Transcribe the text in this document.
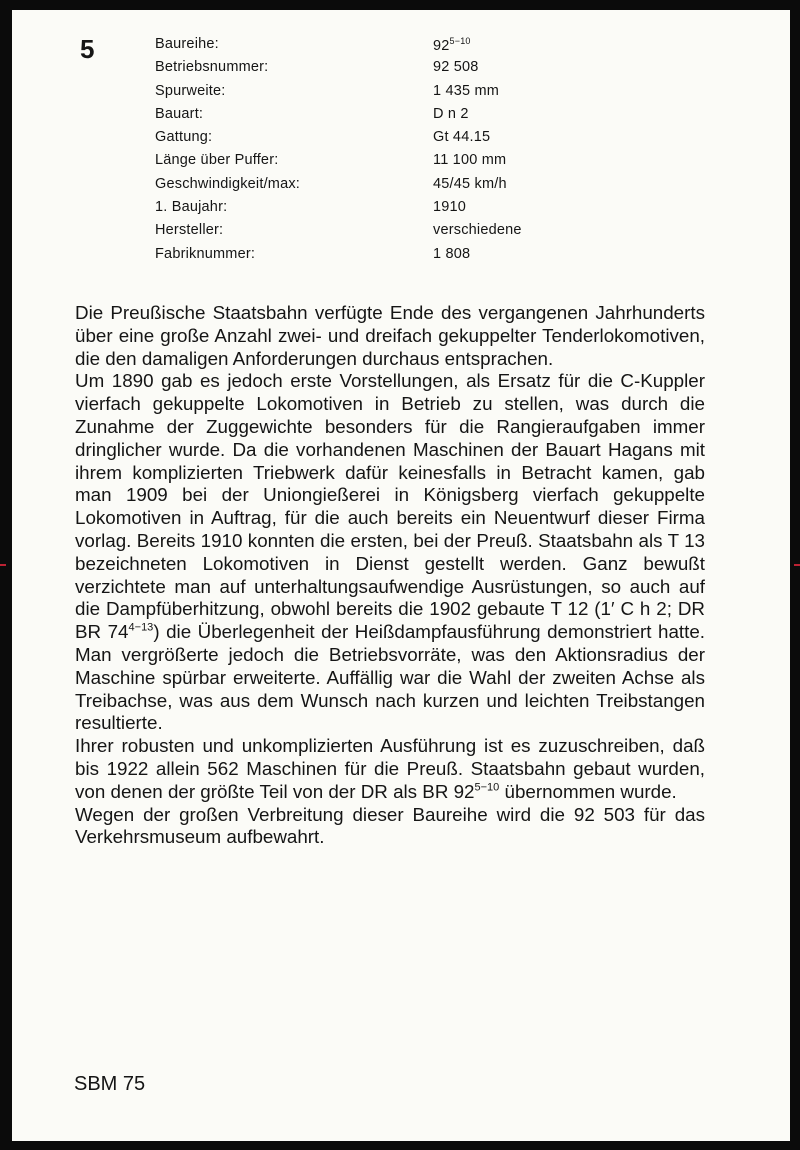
5	Baureihe:	$92^{5-10}$
Betriebsnummer:	92 508
Spurweite:	1 435 mm
Bauart:	D n 2
Gattung:	Gt 44.15
Länge über Puffer:	11 100 mm
Geschwindigkeit/max:	45/45 km/h
1. Baujahr:	1910
Hersteller:	verschiedene
Fabriknummer:	1 808

Die Preußische Staatsbahn verfügte Ende des vergangenen Jahrhunderts über eine große Anzahl zwei- und dreifach gekuppelter Tenderlokomotiven, die den damaligen Anforderungen durchaus entsprachen.

Um 1890 gab es jedoch erste Vorstellungen, als Ersatz für die C-Kuppler vierfach gekuppelte Lokomotiven in Betrieb zu stellen, was durch die Zunahme der Zuggewichte besonders für die Rangieraufgaben immer dringlicher wurde. Da die vorhandenen Maschinen der Bauart Hagans mit ihrem komplizierten Triebwerk dafür keinesfalls in Betracht kamen, gab man 1909 bei der Uniongießerei in Königsberg vierfach gekuppelte Lokomotiven in Auftrag, für die auch bereits ein Neuentwurf dieser Firma vorlag. Bereits 1910 konnten die ersten, bei der Preuß. Staatsbahn als T 13 bezeichneten Lokomotiven in Dienst gestellt werden. Ganz bewußt verzichtete man auf unterhaltungsaufwendige Ausrüstungen, so auch auf die Dampfüberhitzung, obwohl bereits die 1902 gebaute T 12 (1′ C h 2; DR BR $74^{4-13}$) die Überlegenheit der Heißdampfausführung demonstriert hatte. Man vergrößerte jedoch die Betriebsvorräte, was den Aktionsradius der Maschine spürbar erweiterte. Auffällig war die Wahl der zweiten Achse als Treibachse, was aus dem Wunsch nach kurzen und leichten Treibstangen resultierte.

Ihrer robusten und unkomplizierten Ausführung ist es zuzuschreiben, daß bis 1922 allein 562 Maschinen für die Preuß. Staatsbahn gebaut wurden, von denen der größte Teil von der DR als BR $92^{5-10}$ übernommen wurde.

Wegen der großen Verbreitung dieser Baureihe wird die 92 503 für das Verkehrsmuseum aufbewahrt.

SBM 75
